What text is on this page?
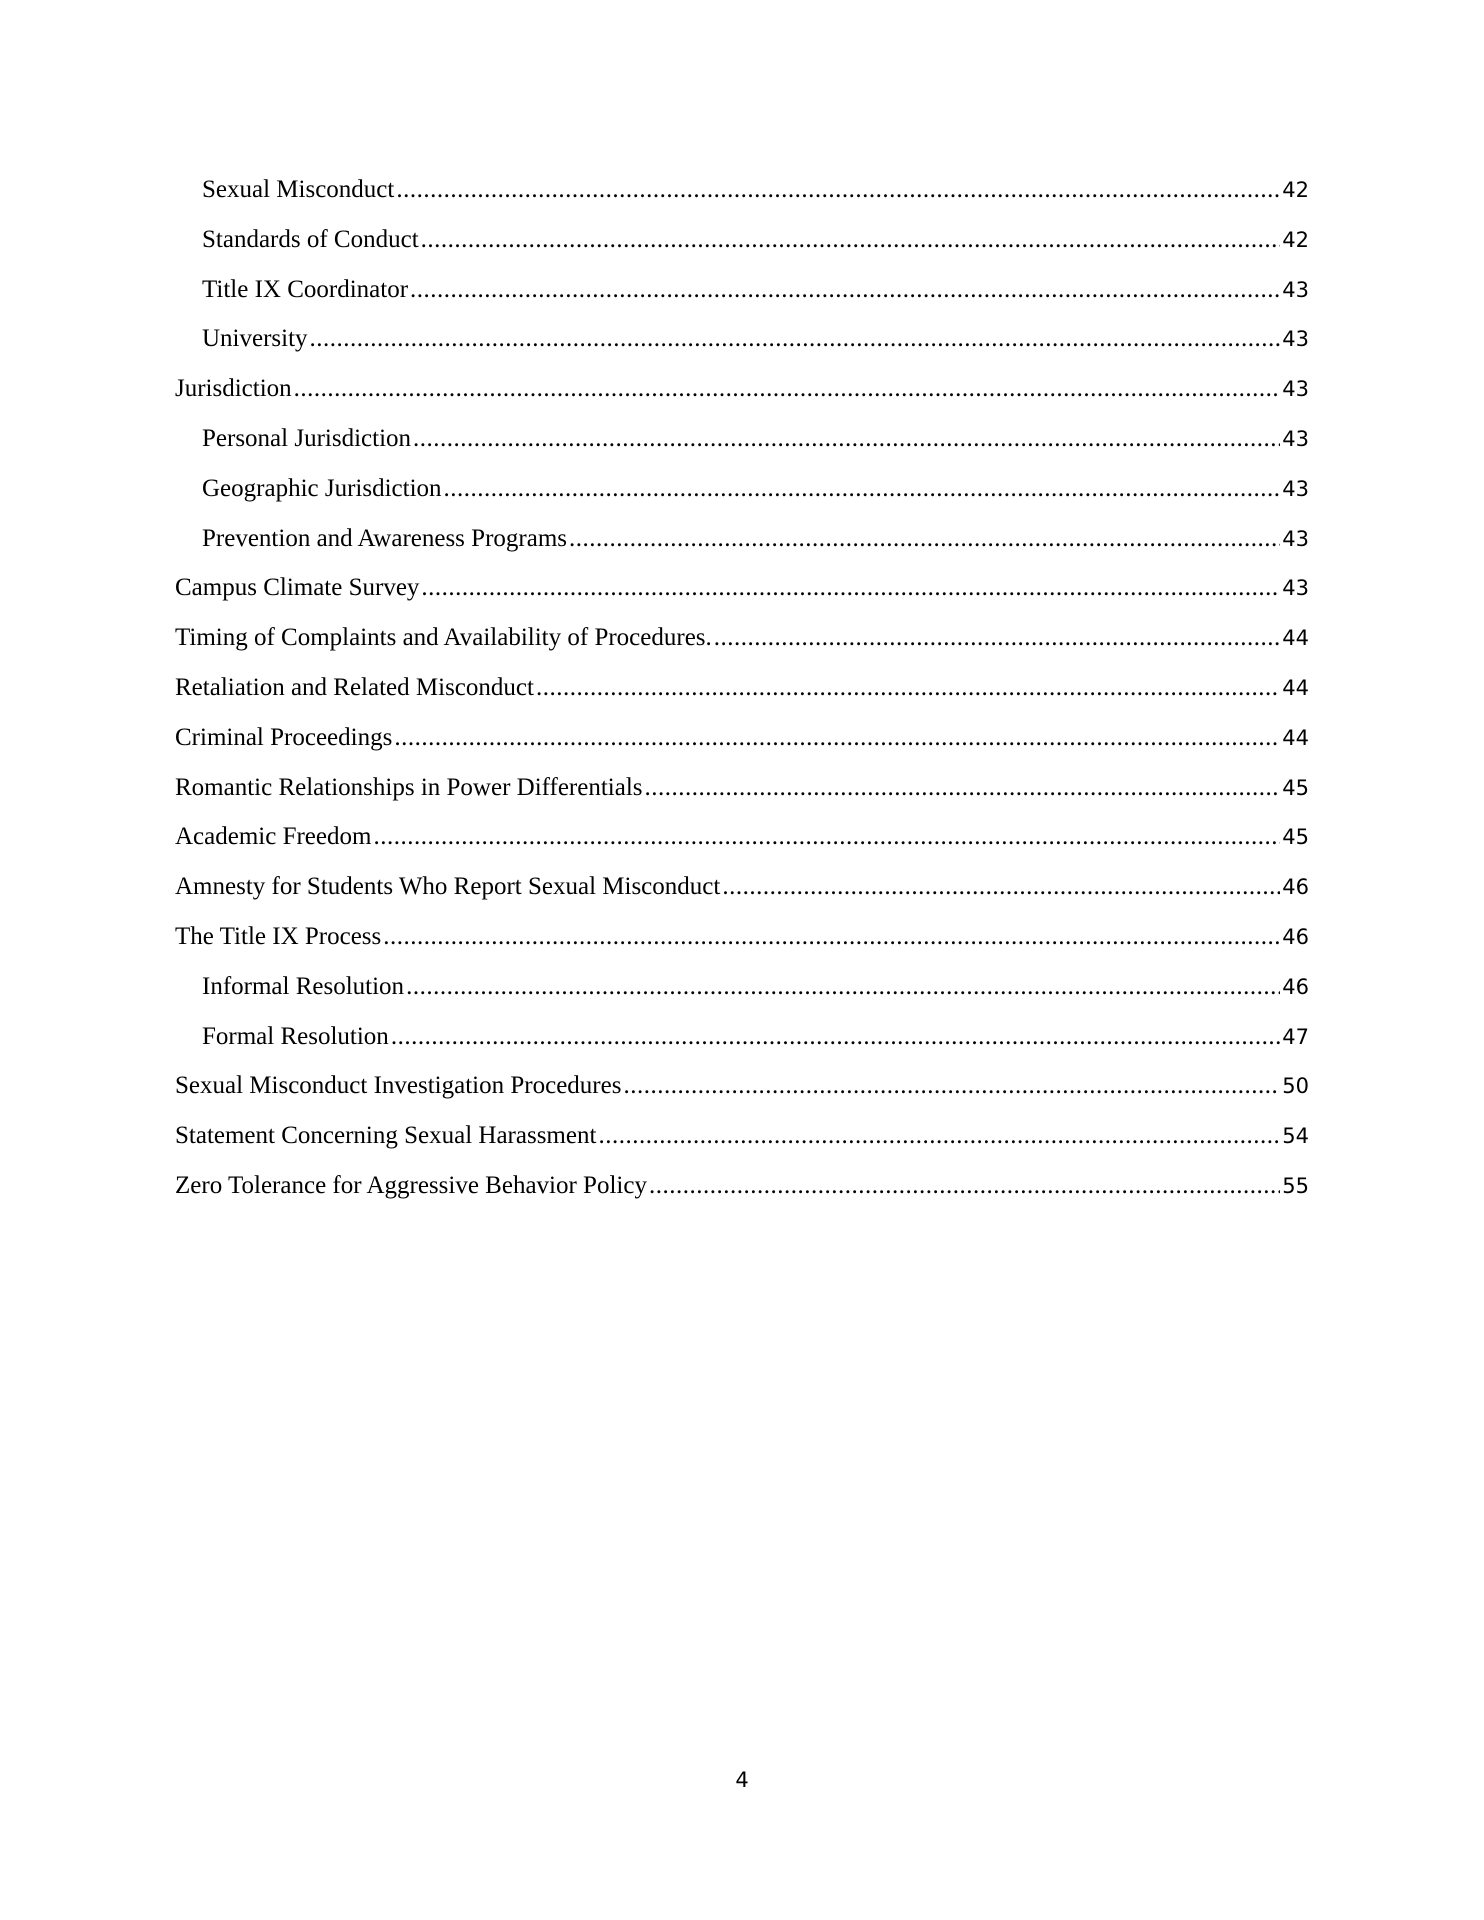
Sexual Misconduct .....	42
Standards of Conduct .....	42
Title IX Coordinator .....	43
University .....	43
Jurisdiction .....	43
Personal Jurisdiction .....	43
Geographic Jurisdiction .....	43
Prevention and Awareness Programs .....	43
Campus Climate Survey .....	43
Timing of Complaints and Availability of Procedures. .....	44
Retaliation and Related Misconduct .....	44
Criminal Proceedings .....	44
Romantic Relationships in Power Differentials .....	45
Academic Freedom .....	45
Amnesty for Students Who Report Sexual Misconduct .....	46
The Title IX Process .....	46
Informal Resolution .....	46
Formal Resolution .....	47
Sexual Misconduct Investigation Procedures .....	50
Statement Concerning Sexual Harassment .....	54
Zero Tolerance for Aggressive Behavior Policy .....	55
4
